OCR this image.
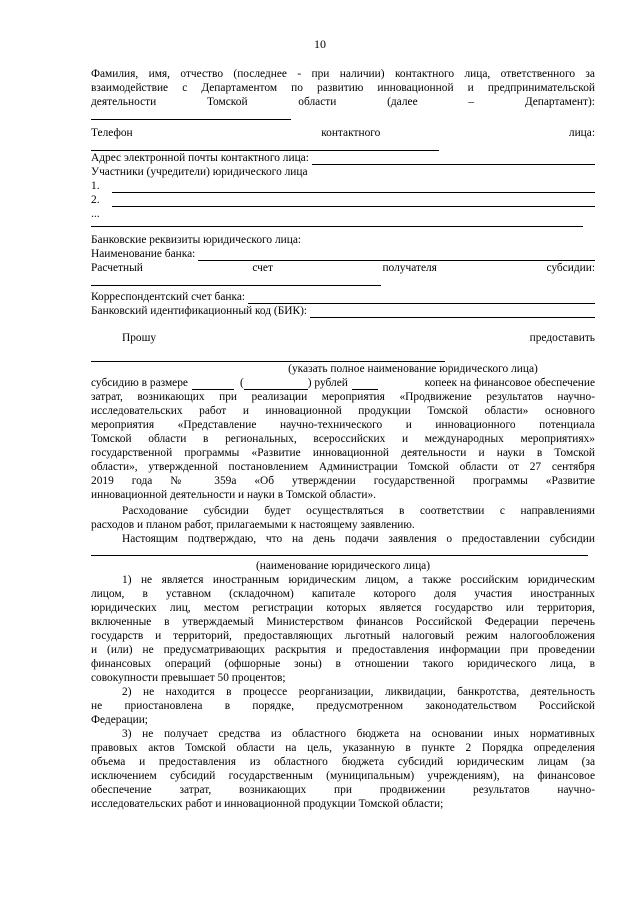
10

Фамилия, имя, отчество (последнее - при наличии) контактного лица, ответственного за

взаимодействие с Департаментом по развитию инновационной и предпринимательской

деятельности	Томской	области	(далее	–	Департамент):
Телефон	контактного	лица:
Адрес электронной почты контактного лица:

Участники (учредители) юридического лица

1.
2.

...

Банковские реквизиты юридического лица:

Наименование банка:
Расчетный	счет	получателя	субсидии:
Корреспондентский счет банка:
Банковский идентификационный код (БИК):
Прошу	предоставить

(указать полное наименование юридического лица)

субсидию в размере	(	) рублей	копеек на финансовое обеспечение

затрат, возникающих при реализации мероприятия «Продвижение результатов научно-

исследовательских работ и инновационной продукции Томской области» основного

мероприятия «Представление научно-технического и инновационного потенциала

Томской области в региональных, всероссийских и международных мероприятиях»

государственной программы «Развитие инновационной деятельности и науки в Томской

области», утвержденной постановлением Администрации Томской области от 27 сентября

2019 года № 359а «Об утверждении государственной программы «Развитие

инновационной деятельности и науки в Томской области».

Расходование субсидии будет осуществляться в соответствии с направлениями

расходов и планом работ, прилагаемыми к настоящему заявлению.

Настоящим подтверждаю, что на день подачи заявления о предоставлении субсидии

(наименование юридического лица)

1) не является иностранным юридическим лицом, а также российским юридическим

лицом, в уставном (складочном) капитале которого доля участия иностранных

юридических лиц, местом регистрации которых является государство или территория,

включенные в утверждаемый Министерством финансов Российской Федерации перечень

государств и территорий, предоставляющих льготный налоговый режим налогообложения

и (или) не предусматривающих раскрытия и предоставления информации при проведении

финансовых операций (офшорные зоны) в отношении такого юридического лица, в

совокупности превышает 50 процентов;

2) не находится в процессе реорганизации, ликвидации, банкротства, деятельность

не приостановлена в порядке, предусмотренном законодательством Российской

Федерации;

3) не получает средства из областного бюджета на основании иных нормативных

правовых актов Томской области на цель, указанную в пункте 2 Порядка определения

объема и предоставления из областного бюджета субсидий юридическим лицам (за

исключением субсидий государственным (муниципальным) учреждениям), на финансовое

обеспечение затрат, возникающих при продвижении результатов научно-

исследовательских работ и инновационной продукции Томской области;
